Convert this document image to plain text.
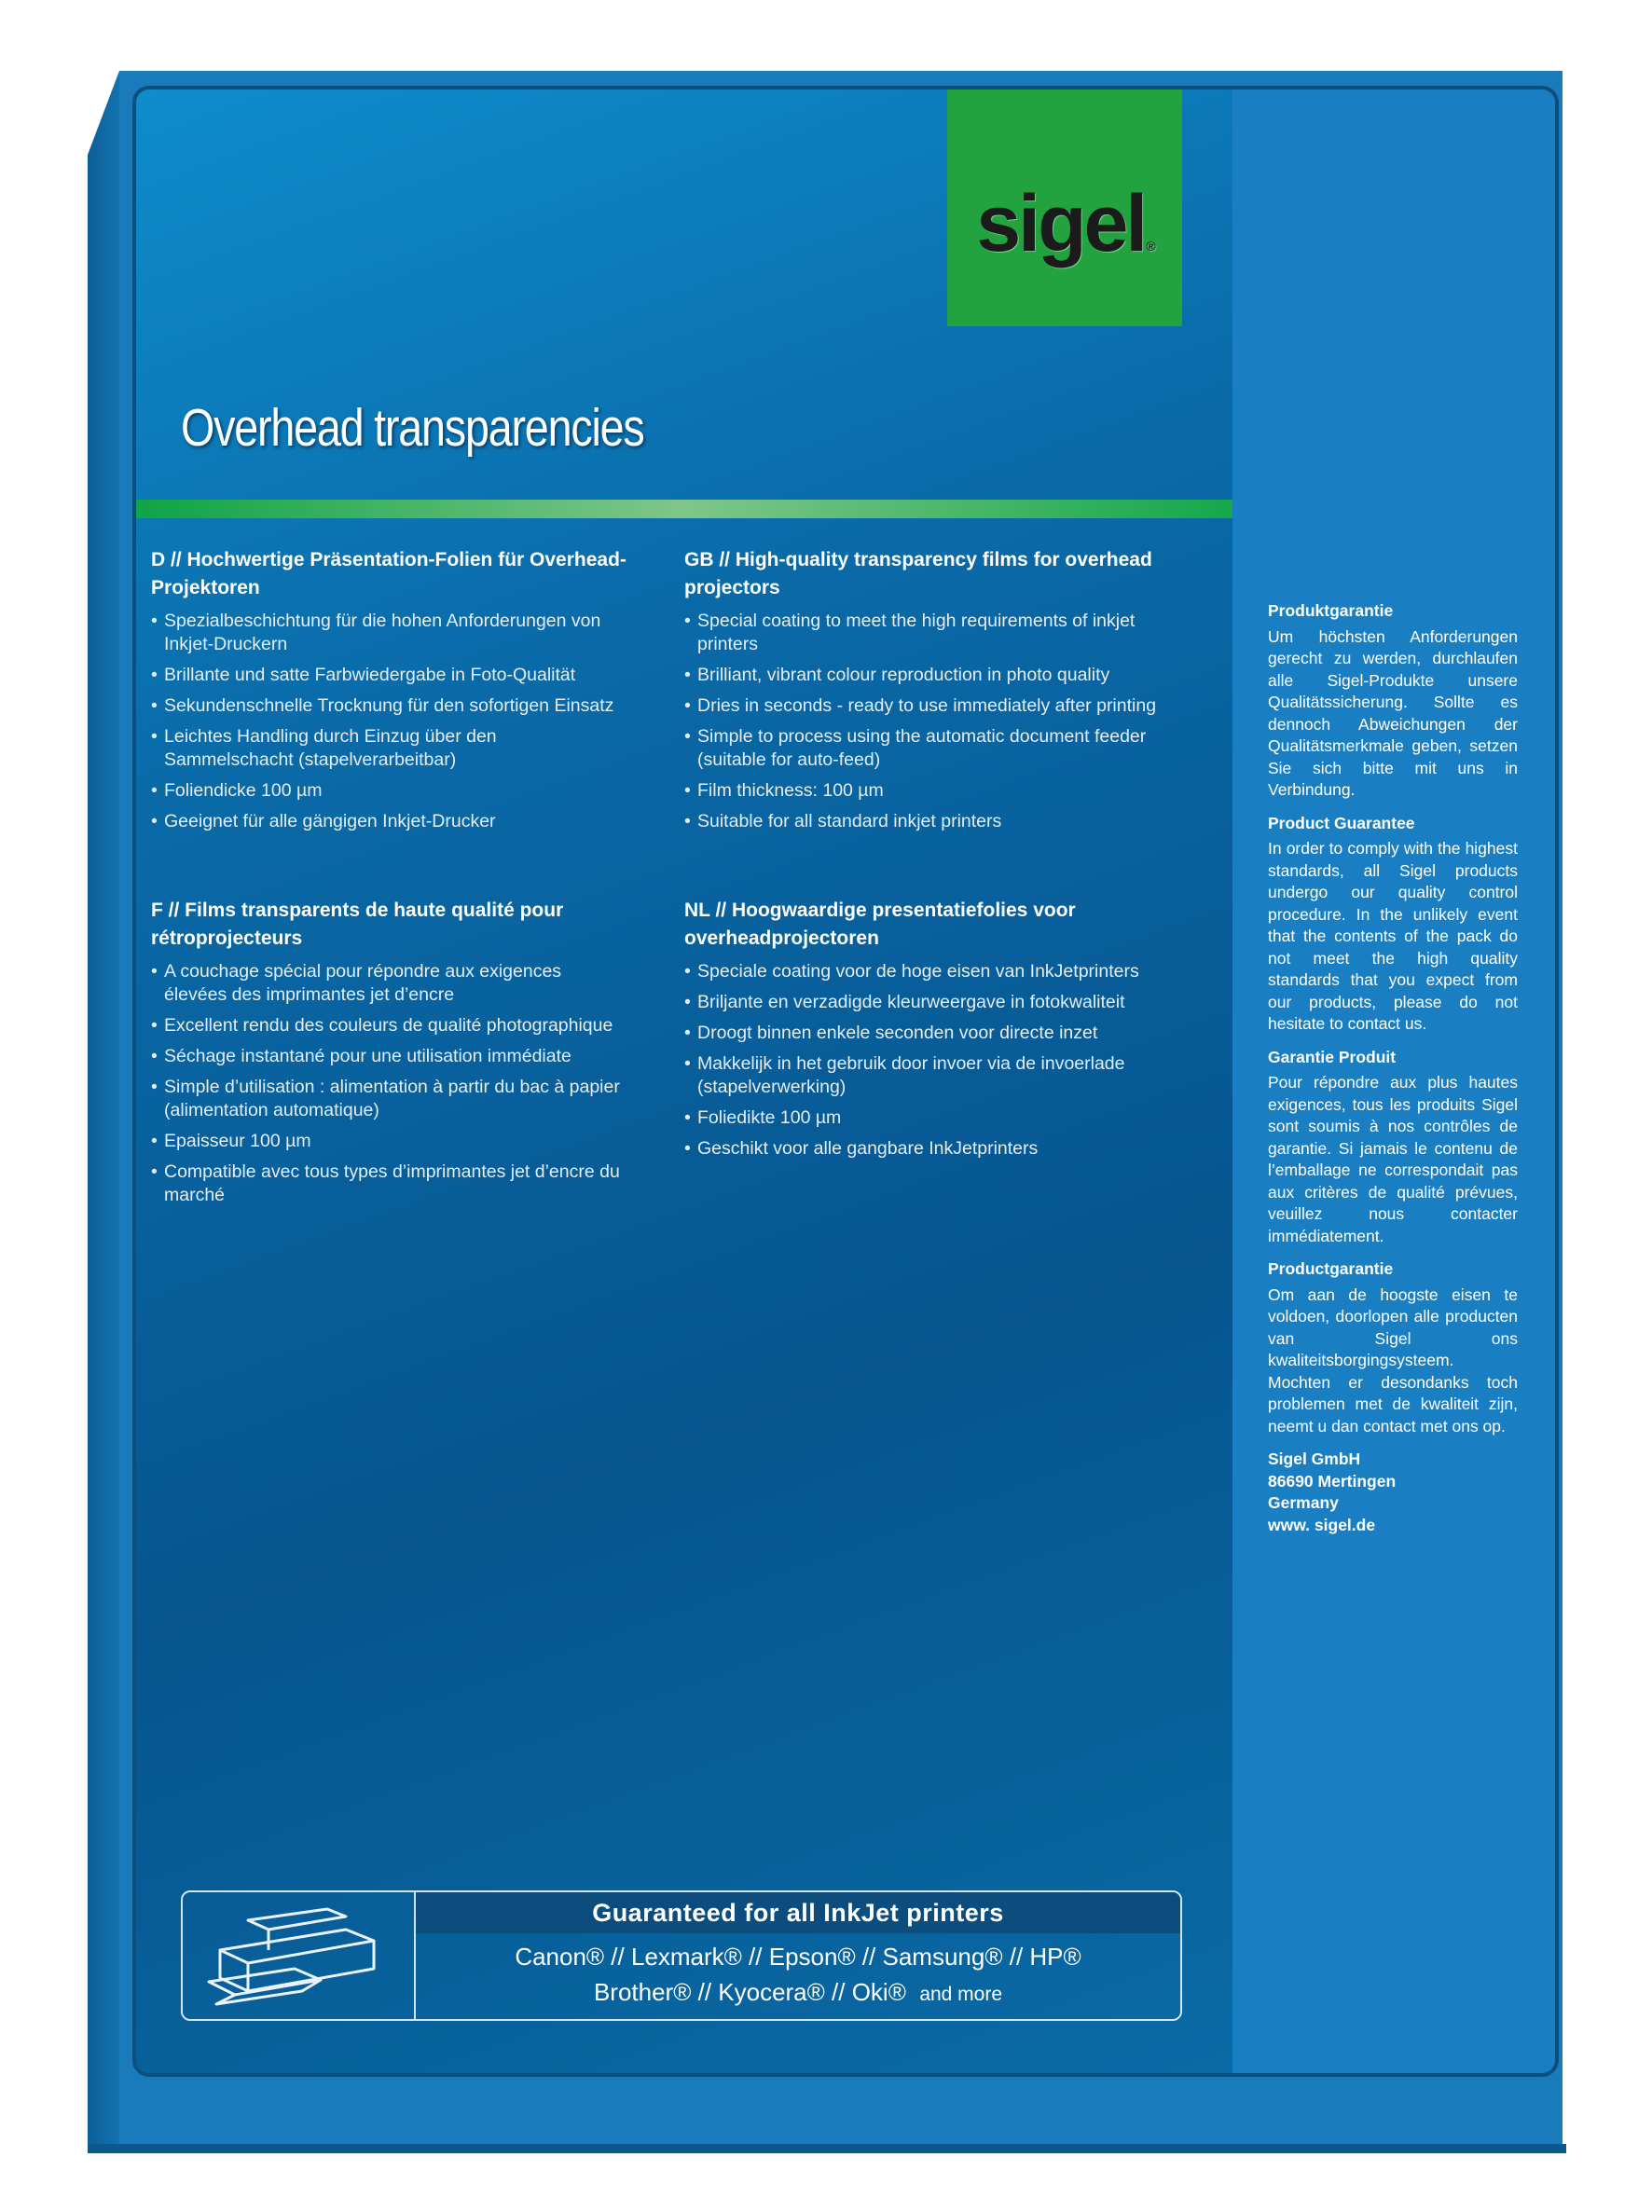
sigel®
Overhead transparencies
D // Hochwertige Präsentation-Folien für Overhead-Projektoren
• Spezialbeschichtung für die hohen Anforderungen von Inkjet-Druckern
• Brillante und satte Farbwiedergabe in Foto-Qualität
• Sekundenschnelle Trocknung für den sofortigen Einsatz
• Leichtes Handling durch Einzug über den Sammelschacht (stapelverarbeitbar)
• Foliendicke 100 µm
• Geeignet für alle gängigen Inkjet-Drucker
GB // High-quality transparency films for overhead projectors
• Special coating to meet the high requirements of inkjet printers
• Brilliant, vibrant colour reproduction in photo quality
• Dries in seconds - ready to use immediately after printing
• Simple to process using the automatic document feeder (suitable for auto-feed)
• Film thickness: 100 µm
• Suitable for all standard inkjet printers
F // Films transparents de haute qualité pour rétroprojecteurs
• A couchage spécial pour répondre aux exigences élevées des imprimantes jet d’encre
• Excellent rendu des couleurs de qualité photographique
• Séchage instantané pour une utilisation immédiate
• Simple d’utilisation : alimentation à partir du bac à papier (alimentation automatique)
• Epaisseur 100 µm
• Compatible avec tous types d’imprimantes jet d’encre du marché
NL // Hoogwaardige presentatiefolies voor overheadprojectoren
• Speciale coating voor de hoge eisen van InkJetprinters
• Briljante en verzadigde kleurweergave in fotokwaliteit
• Droogt binnen enkele seconden voor directe inzet
• Makkelijk in het gebruik door invoer via de invoerlade (stapelverwerking)
• Foliedikte 100 µm
• Geschikt voor alle gangbare InkJetprinters
Guaranteed for all InkJet printers
Canon® // Lexmark® // Epson® // Samsung® // HP®
Brother® // Kyocera® // Oki® and more
Produktgarantie

Um höchsten Anforderungen gerecht zu werden, durchlaufen alle Sigel-Produkte unsere Qualitätssicherung. Sollte es dennoch Abweichungen der Qualitätsmerkmale geben, setzen Sie sich bitte mit uns in Verbindung.

Product Guarantee

In order to comply with the highest standards, all Sigel products undergo our quality control procedure. In the unlikely event that the contents of the pack do not meet the high quality standards that you expect from our products, please do not hesitate to contact us.

Garantie Produit

Pour répondre aux plus hautes exigences, tous les produits Sigel sont soumis à nos contrôles de garantie. Si jamais le contenu de l’emballage ne correspondait pas aux critères de qualité prévues, veuillez nous contacter immédiatement.

Productgarantie

Om aan de hoogste eisen te voldoen, doorlopen alle producten van Sigel ons kwaliteitsborgingsysteem. Mochten er desondanks toch problemen met de kwaliteit zijn, neemt u dan contact met ons op.

Sigel GmbH

86690 Mertingen

Germany

www. sigel.de
